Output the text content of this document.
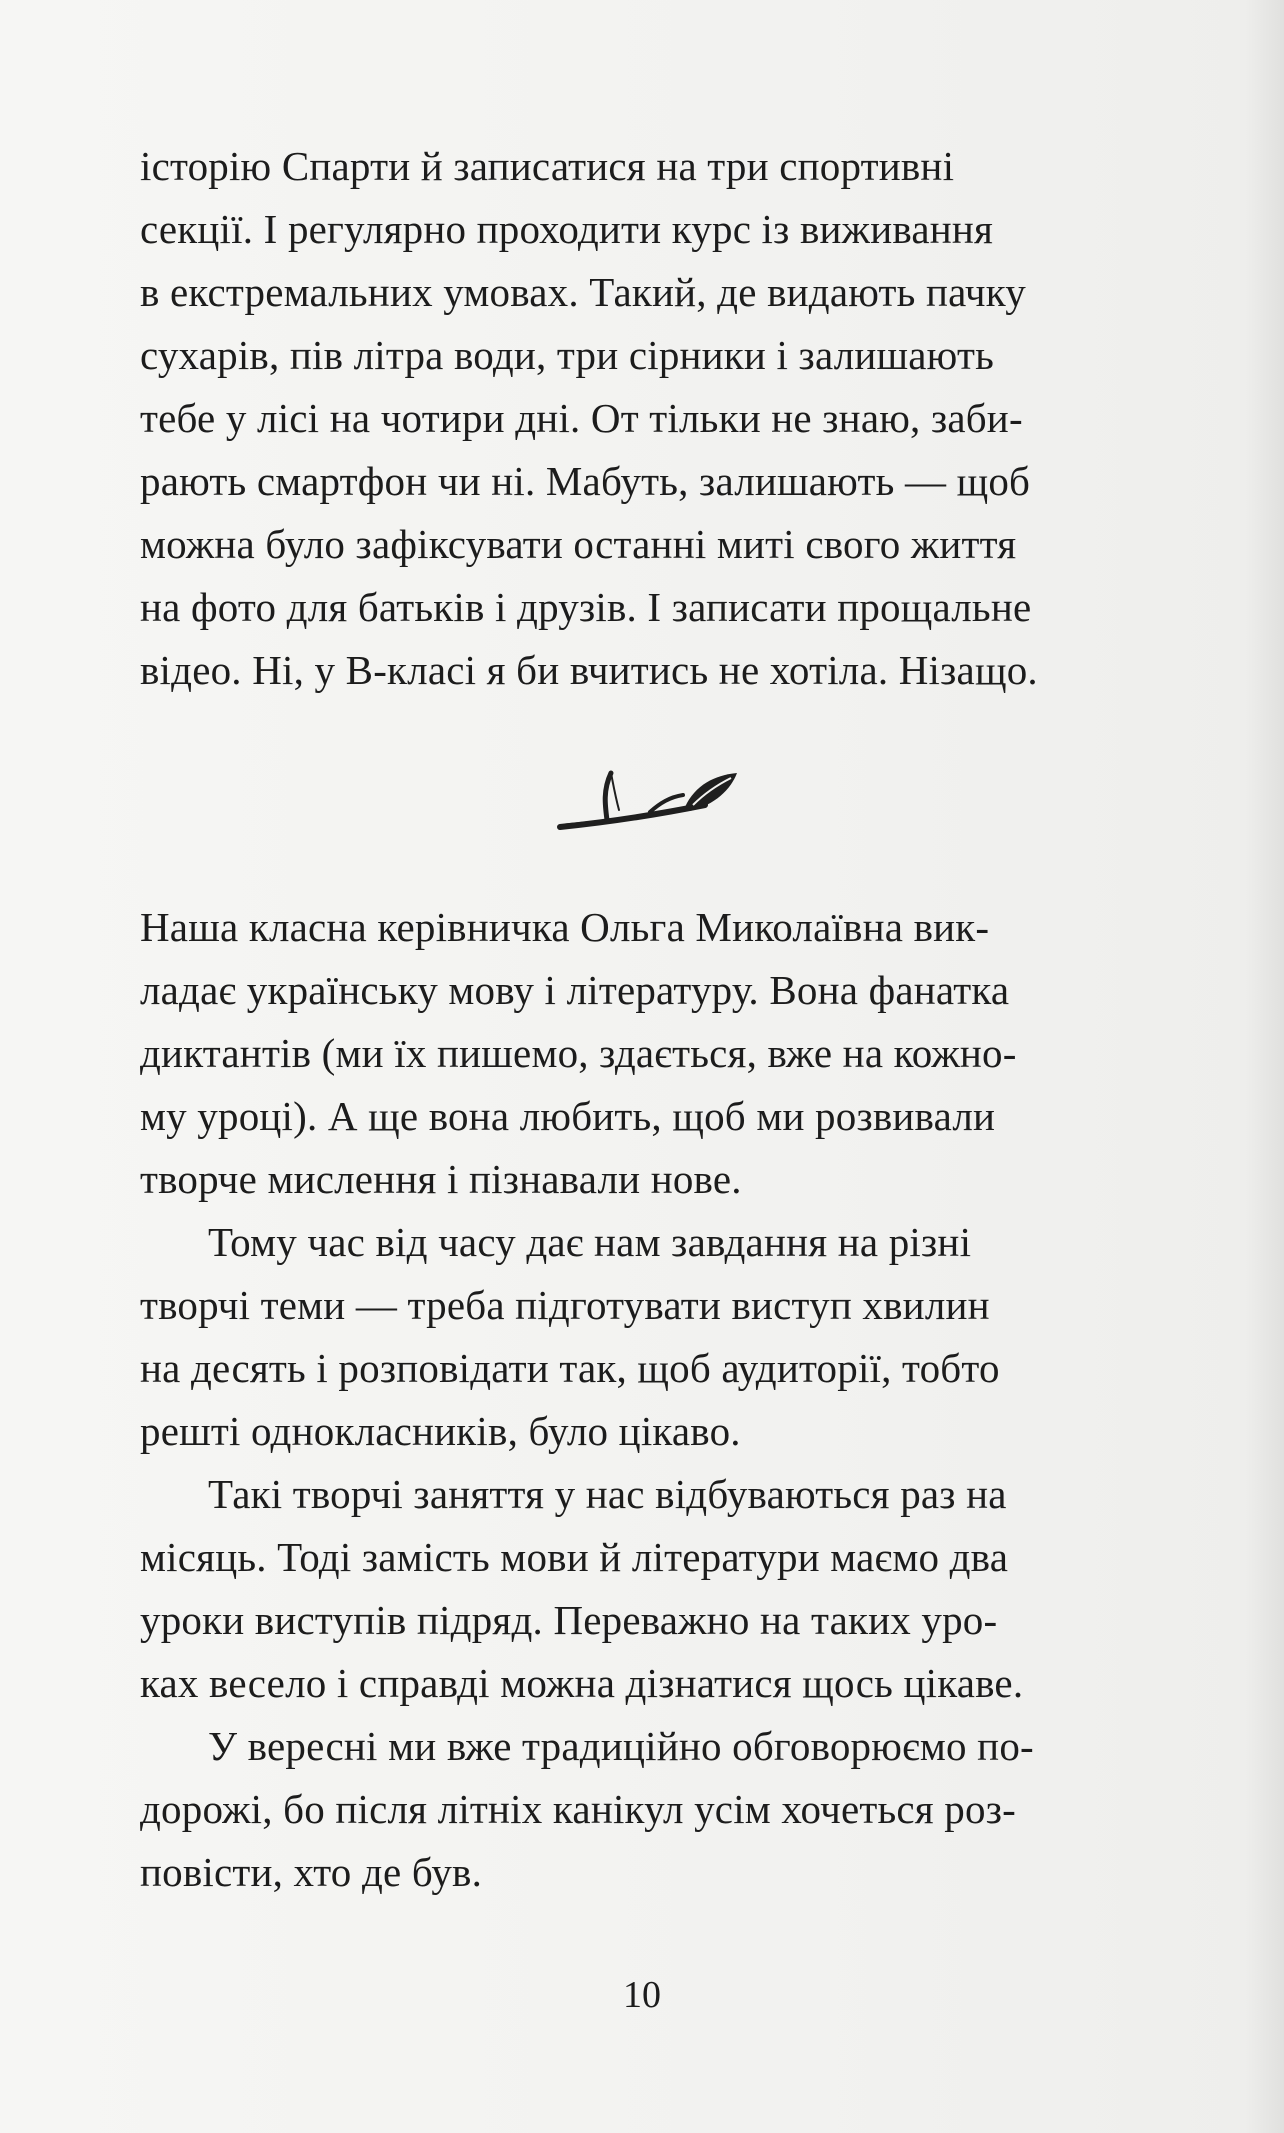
історію Спарти й записатися на три спортивні

секції. І регулярно проходити курс із виживання

в екстремальних умовах. Такий, де видають пачку

сухарів, пів літра води, три сірники і залишають

тебе у лісі на чотири дні. От тільки не знаю, заби-

рають смартфон чи ні. Мабуть, залишають — щоб

можна було зафіксувати останні миті свого життя

на фото для батьків і друзів. І записати прощальне

відео. Ні, у В-класі я би вчитись не хотіла. Нізащо.

Наша класна керівничка Ольга Миколаївна вик-

ладає українську мову і літературу. Вона фанатка

диктантів (ми їх пишемо, здається, вже на кожно-

му уроці). А ще вона любить, щоб ми розвивали

творче мислення і пізнавали нове.

Тому час від часу дає нам завдання на різні

творчі теми — треба підготувати виступ хвилин

на десять і розповідати так, щоб аудиторії, тобто

решті однокласників, було цікаво.

Такі творчі заняття у нас відбуваються раз на

місяць. Тоді замість мови й літератури маємо два

уроки виступів підряд. Переважно на таких уро-

ках весело і справді можна дізнатися щось цікаве.

У вересні ми вже традиційно обговорюємо по-

дорожі, бо після літніх канікул усім хочеться роз-

повісти, хто де був.

10
